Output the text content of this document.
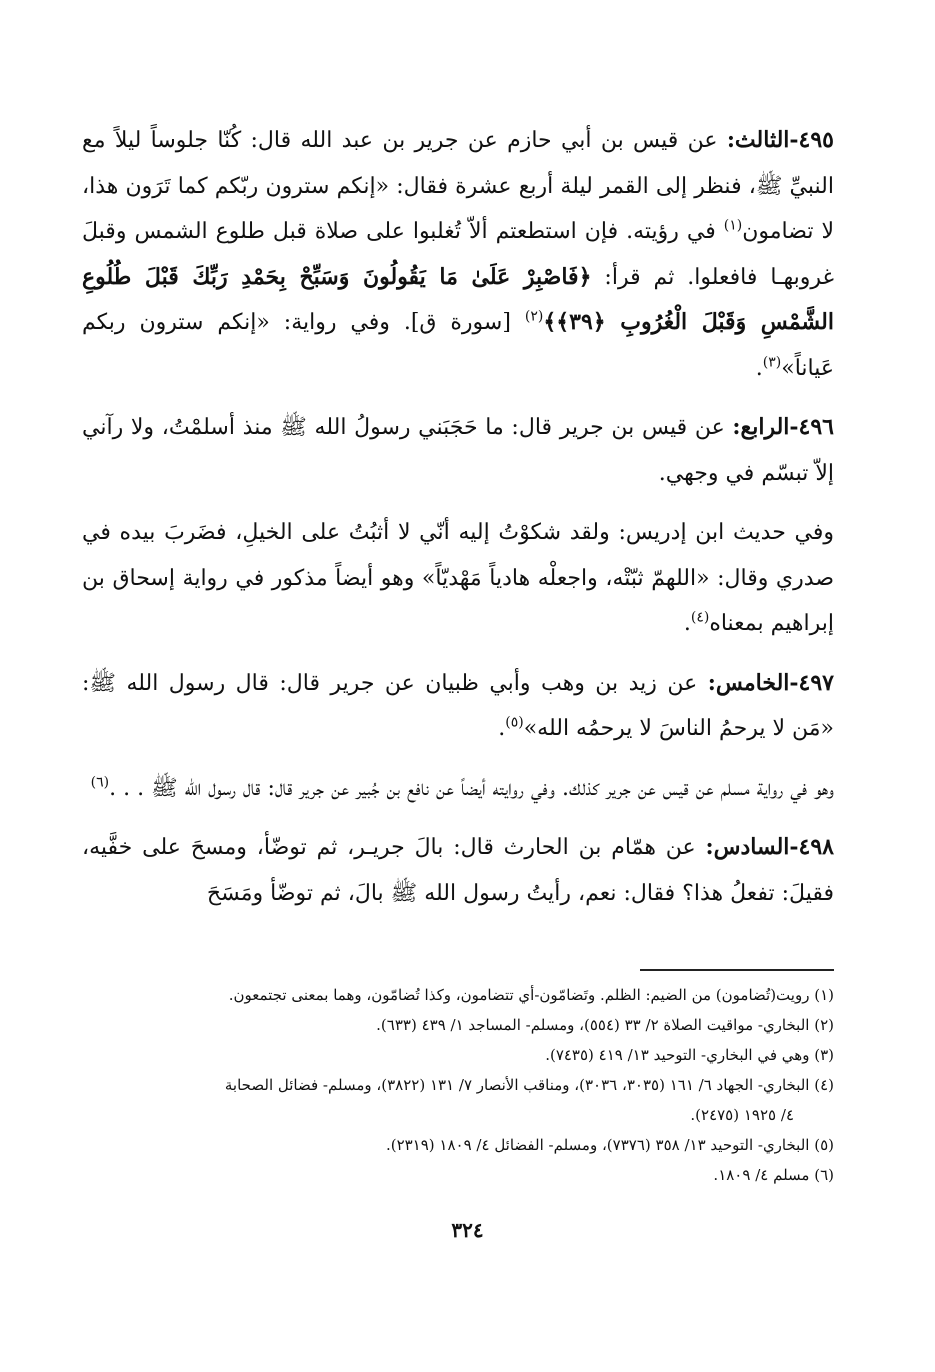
٤٩٥-الثالث: عن قيس بن أبي حازم عن جرير بن عبد الله قال: كُنّا جلوساً ليلاً مع النبيِّ ﷺ، فنظر إلى القمر ليلة أربع عشرة فقال: «إنكم سترون ربّكم كما تَرَون هذا، لا تضامون$^{(١)}$ في رؤيته. فإن استطعتم ألاّ تُغلبوا على صلاة قبل طلوع الشمس وقبلَ غروبهـا فافعلوا. ثم قرأ: ﴿فَاصْبِرْ عَلَىٰ مَا يَقُولُونَ وَسَبِّحْ بِحَمْدِ رَبِّكَ قَبْلَ طُلُوعِ الشَّمْسِ وَقَبْلَ الْغُرُوبِ ﴿٣٩﴾﴾$^{(٢)}$ [سورة ق]. وفي رواية: «إنكم سترون ربكم عَياناً»$^{(٣)}$.

٤٩٦-الرابع: عن قيس بن جرير قال: ما حَجَبَني رسولُ الله ﷺ منذ أسلمْتُ، ولا رآني إلاّ تبسّم في وجهي.

وفي حديث ابن إدريس: ولقد شكوْتُ إليه أنّي لا أثبُتُ على الخيلِ، فضَربَ بيده في صدري وقال: «اللهمّ ثبّتْه، واجعلْه هادياً مَهْديّاً» وهو أيضاً مذكور في رواية إسحاق بن إبراهيم بمعناه$^{(٤)}$.

٤٩٧-الخامس: عن زيد بن وهب وأبي ظبيان عن جرير قال: قال رسول الله ﷺ: «مَن لا يرحمُ الناسَ لا يرحمُه الله»$^{(٥)}$.

وهو في رواية مسلم عن قيس عن جرير كذلك. وفي روايته أيضاً عن نافع بن جُبير عن جرير قال: قال رسول الله ﷺ . . .$^{(٦)}$

٤٩٨-السادس: عن همّام بن الحارث قال: بالَ جريـر، ثم توضّأ، ومسحَ على خفَّيه، فقيلَ: تفعلُ هذا؟ فقال: نعم، رأيتُ رسول الله ﷺ بالَ، ثم توضّأ ومَسَحَ

(١) رويت(تُضامون) من الضيم: الظلم. وتَضامّون-أي تتضامون، وكذا تُضامّون، وهما بمعنى تجتمعون.

(٢) البخاري- مواقيت الصلاة ٢/ ٣٣ (٥٥٤)، ومسلم- المساجد ١/ ٤٣٩ (٦٣٣).

(٣) وهي في البخاري- التوحيد ١٣/ ٤١٩ (٧٤٣٥).

(٤) البخاري- الجهاد ٦/ ١٦١ (٣٠٣٥، ٣٠٣٦)، ومناقب الأنصار ٧/ ١٣١ (٣٨٢٢)، ومسلم- فضائل الصحابة

٤/ ١٩٢٥ (٢٤٧٥).

(٥) البخاري- التوحيد ١٣/ ٣٥٨ (٧٣٧٦)، ومسلم- الفضائل ٤/ ١٨٠٩ (٢٣١٩).

(٦) مسلم ٤/ ١٨٠٩.

٣٢٤
